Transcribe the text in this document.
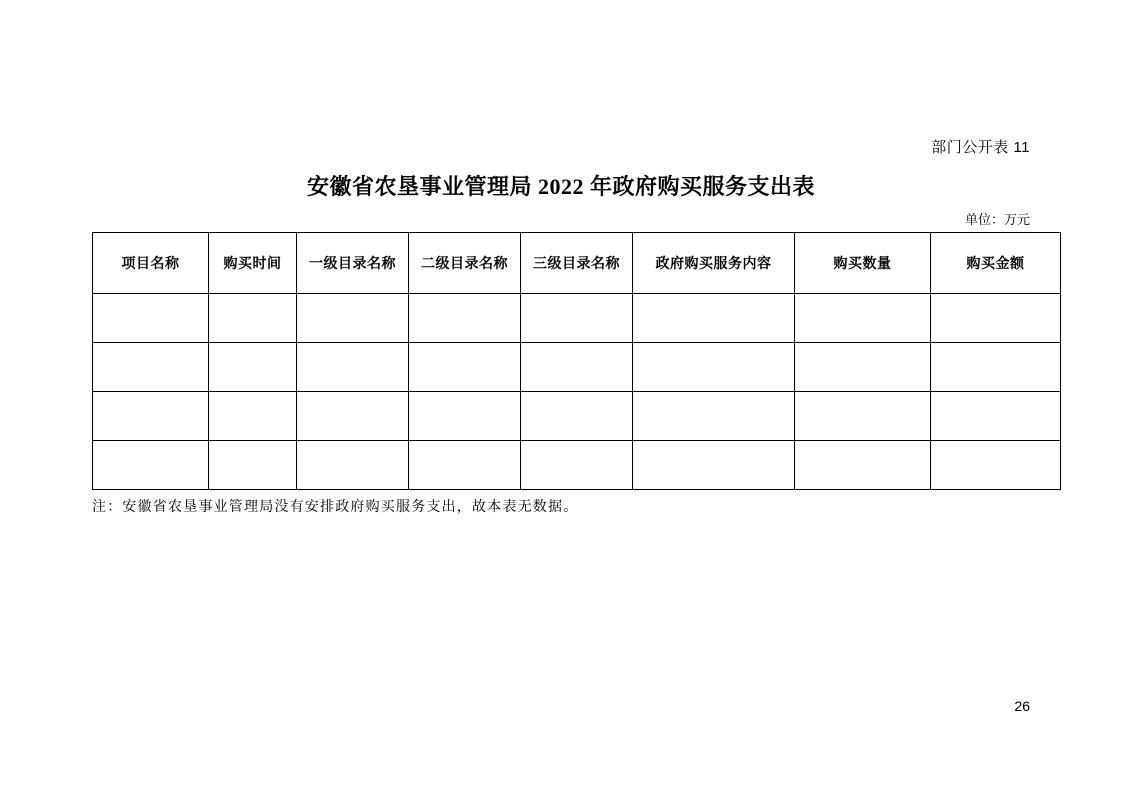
部门公开表 11
安徽省农垦事业管理局 2022 年政府购买服务支出表
单位：万元
项目名称	购买时间	一级目录名称	二级目录名称	三级目录名称	政府购买服务内容	购买数量	购买金额

注：安徽省农垦事业管理局没有安排政府购买服务支出，故本表无数据。
26
